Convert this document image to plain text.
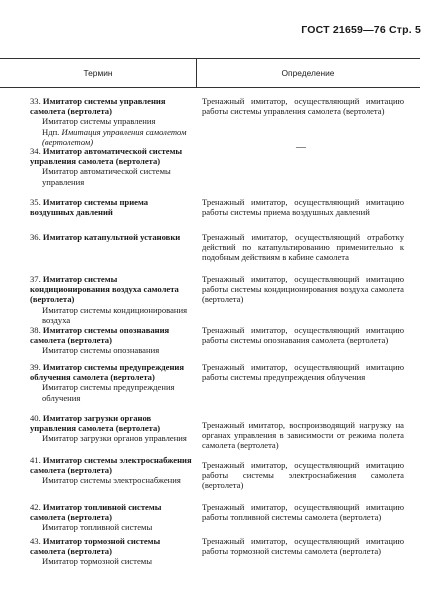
ГОСТ 21659—76 Стр. 5
Термин	Определение
33. Имитатор системы управления самолета (вертолета)
Имитатор системы управления
Ндп. Имитация управления самолетом (вертолетом)
Тренажный имитатор, осуществляющий имитацию работы системы управления самолета (вертолета)
34. Имитатор автоматической системы управления самолета (вертолета)
Имитатор автоматической системы управления
—
35. Имитатор системы приема воздушных давлений
Тренажный имитатор, осуществляющий имитацию работы системы приема воздушных давлений
36. Имитатор катапультной установки	Тренажный имитатор, осуществляющий отработку действий по катапультированию применительно к подобным действиям в кабине самолета
37. Имитатор системы кондиционирования воздуха самолета (вертолета)
Имитатор системы кондиционирования воздуха
Тренажный имитатор, осуществляющий имитацию работы системы кондиционирования воздуха самолета (вертолета)
38. Имитатор системы опознавания самолета (вертолета)
Имитатор системы опознавания
Тренажный имитатор, осуществляющий имитацию работы системы опознавания самолета (вертолета)
39. Имитатор системы предупреждения облучения самолета (вертолета)
Имитатор системы предупреждения облучения
Тренажный имитатор, осуществляющий имитацию работы системы предупреждения облучения
40. Имитатор загрузки органов управления самолета (вертолета)
Имитатор загрузки органов управления
Тренажный имитатор, воспроизводящий нагрузку на органах управления в зависимости от режима полета самолета (вертолета)
41. Имитатор системы электроснабжения самолета (вертолета)
Имитатор системы электроснабжения
Тренажный имитатор, осуществляющий имитацию работы системы электроснабжения самолета (вертолета)
42. Имитатор топливной системы самолета (вертолета)
Имитатор топливной системы
Тренажный имитатор, осуществляющий имитацию работы топливной системы самолета (вертолета)
43. Имитатор тормозной системы самолета (вертолета)
Имитатор тормозной системы
Тренажный имитатор, осуществляющий имитацию работы тормозной системы самолета (вертолета)
